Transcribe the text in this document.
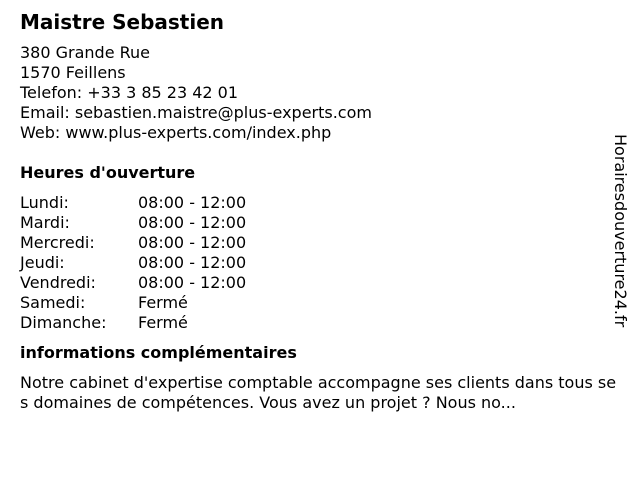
Maistre Sebastien
380 Grande Rue
1570 Feillens
Telefon: +33 3 85 23 42 01
Email: sebastien.maistre@plus-experts.com
Web: www.plus-experts.com/index.php
Heures d'ouverture
Lundi:	08:00 - 12:00
Mardi:	08:00 - 12:00
Mercredi:	08:00 - 12:00
Jeudi:	08:00 - 12:00
Vendredi:	08:00 - 12:00
Samedi:	Fermé
Dimanche:	Fermé
informations complémentaires
Notre cabinet d'expertise comptable accompagne ses clients dans tous ses domaines de compétences. Vous avez un projet ? Nous no...
Horairesdouverture24.fr
